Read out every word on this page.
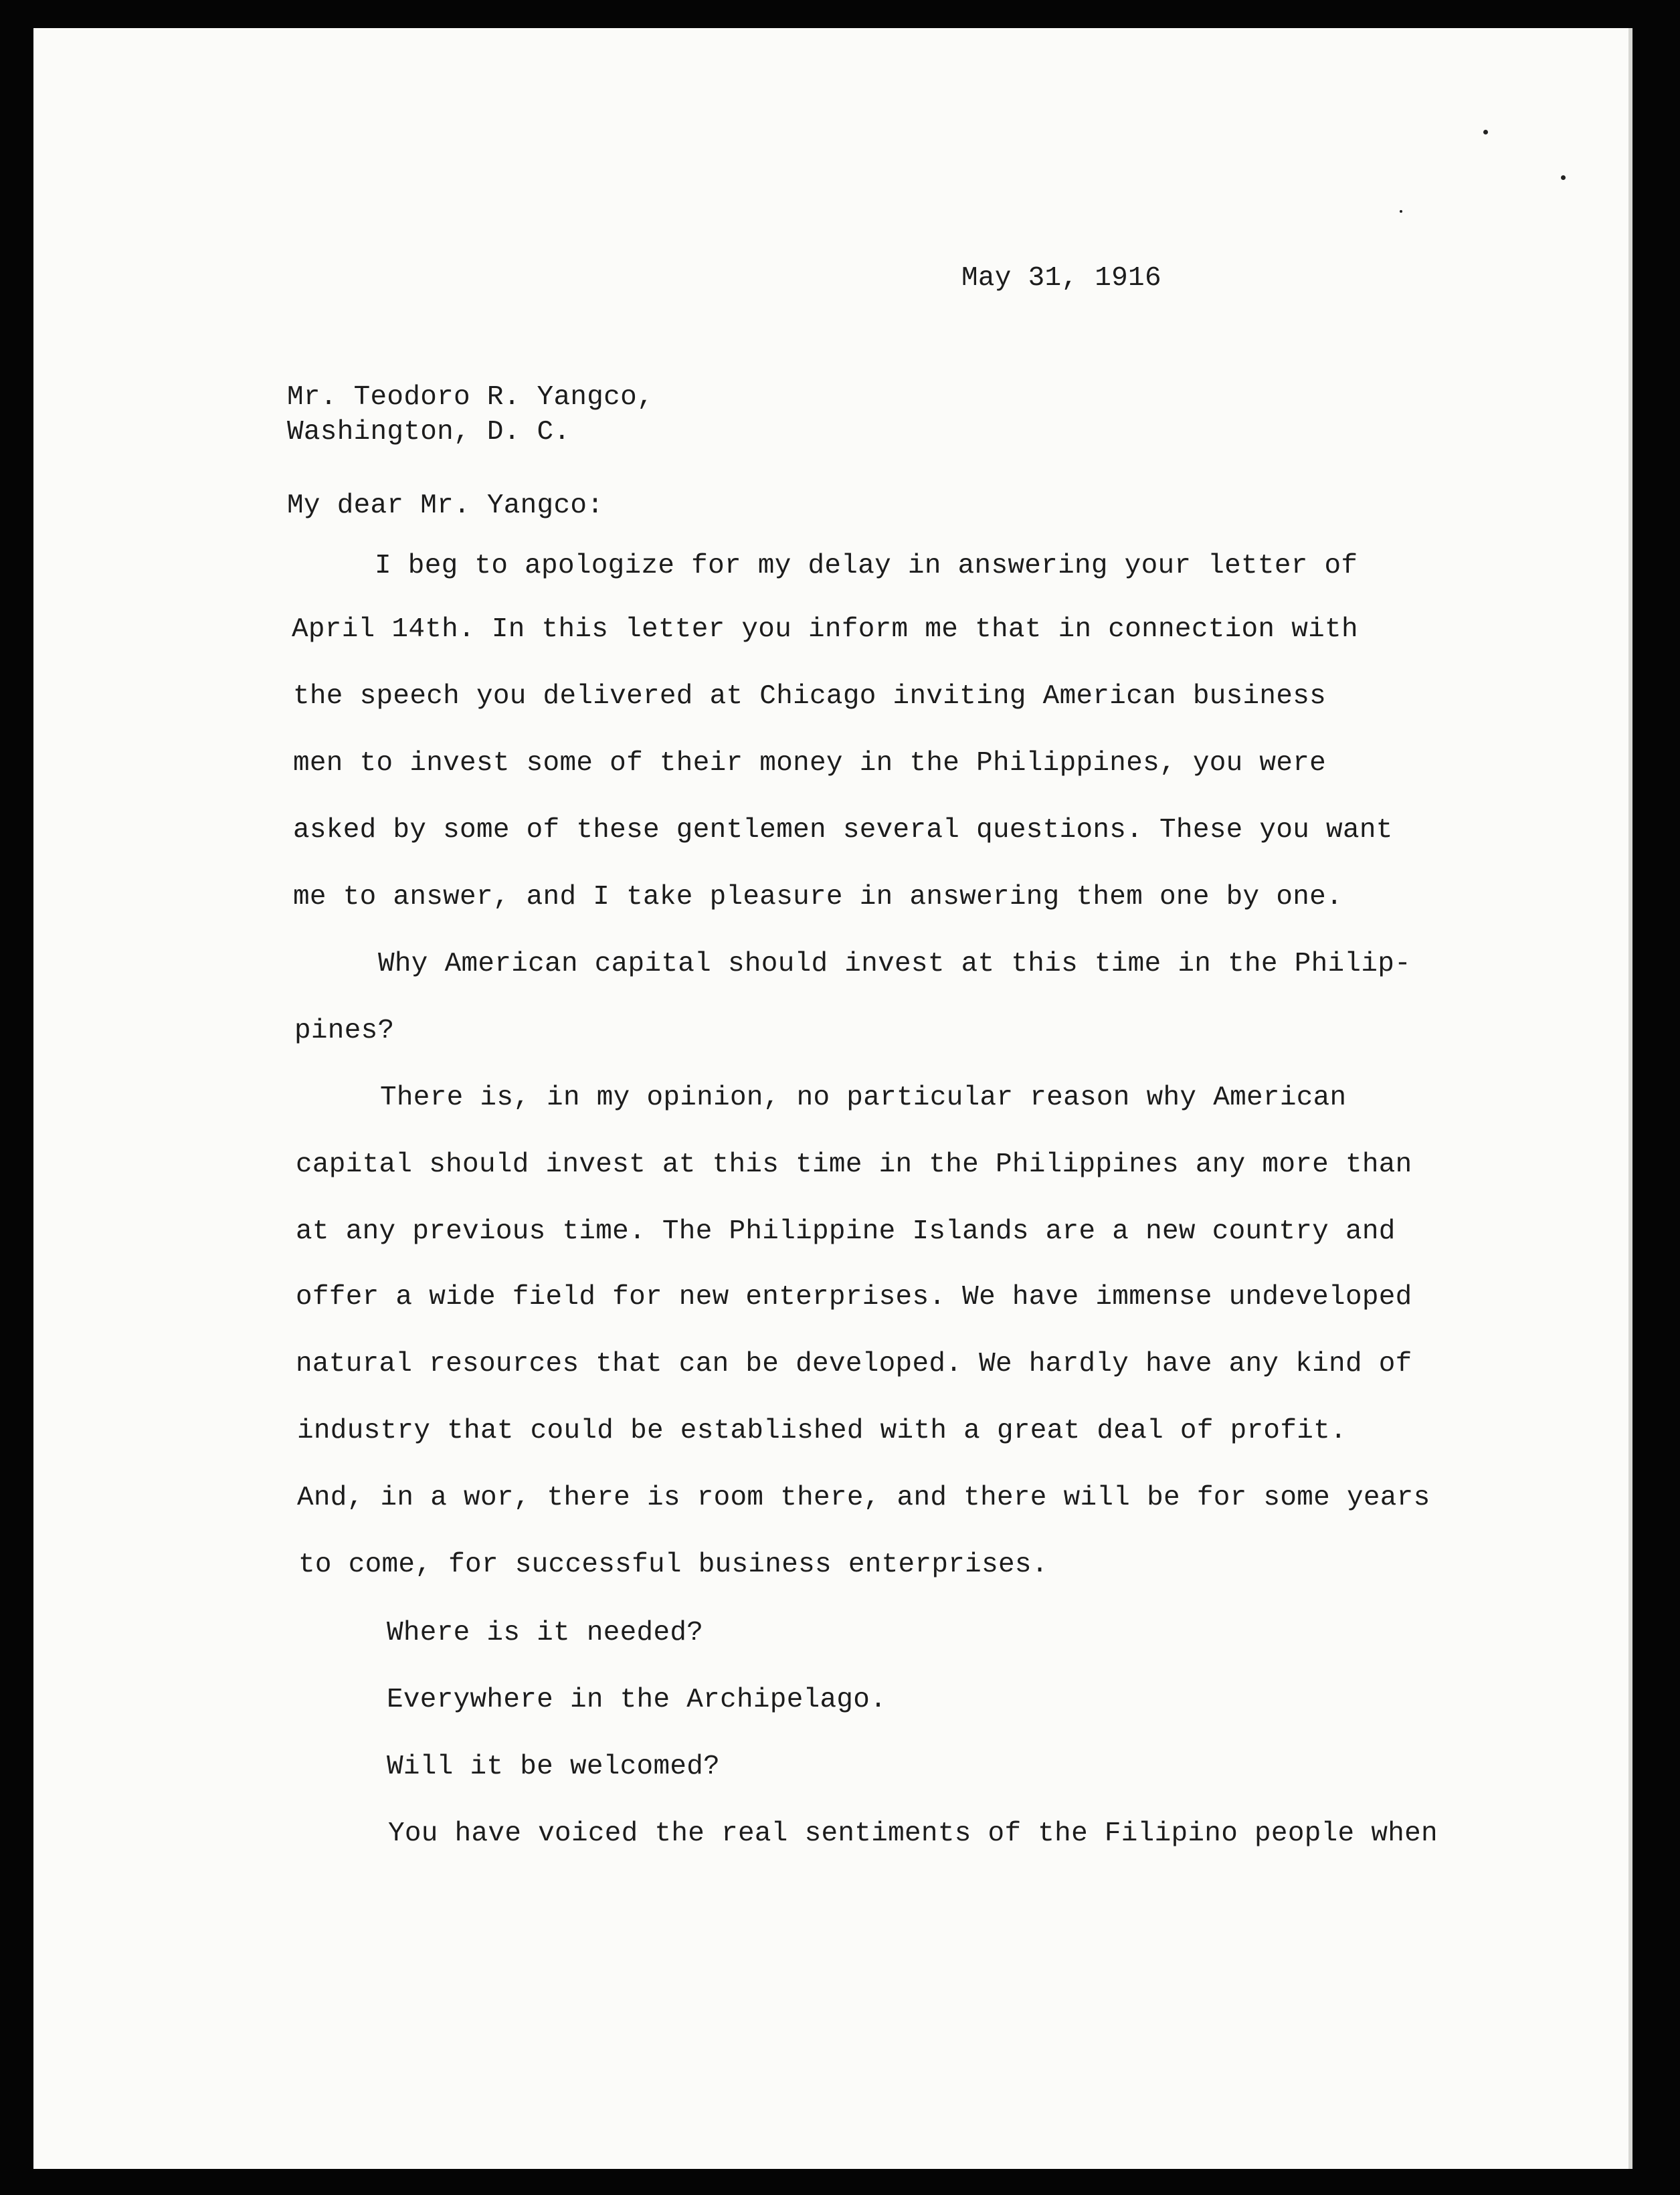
May 31, 1916
Mr. Teodoro R. Yangco,
Washington, D. C.
My dear Mr. Yangco:
I beg to apologize for my delay in answering your letter of
April 14th. In this letter you inform me that in connection with
the speech you delivered at Chicago inviting American business
men to invest some of their money in the Philippines, you were
asked by some of these gentlemen several questions. These you want
me to answer, and I take pleasure in answering them one by one.
Why American capital should invest at this time in the Philip-
pines?
There is, in my opinion, no particular reason why American
capital should invest at this time in the Philippines any more than
at any previous time. The Philippine Islands are a new country and
offer a wide field for new enterprises. We have immense undeveloped
natural resources that can be developed. We hardly have any kind of
industry that could be established with a great deal of profit.
And, in a wor, there is room there, and there will be for some years
to come, for successful business enterprises.
Where is it needed?
Everywhere in the Archipelago.
Will it be welcomed?
You have voiced the real sentiments of the Filipino people when
